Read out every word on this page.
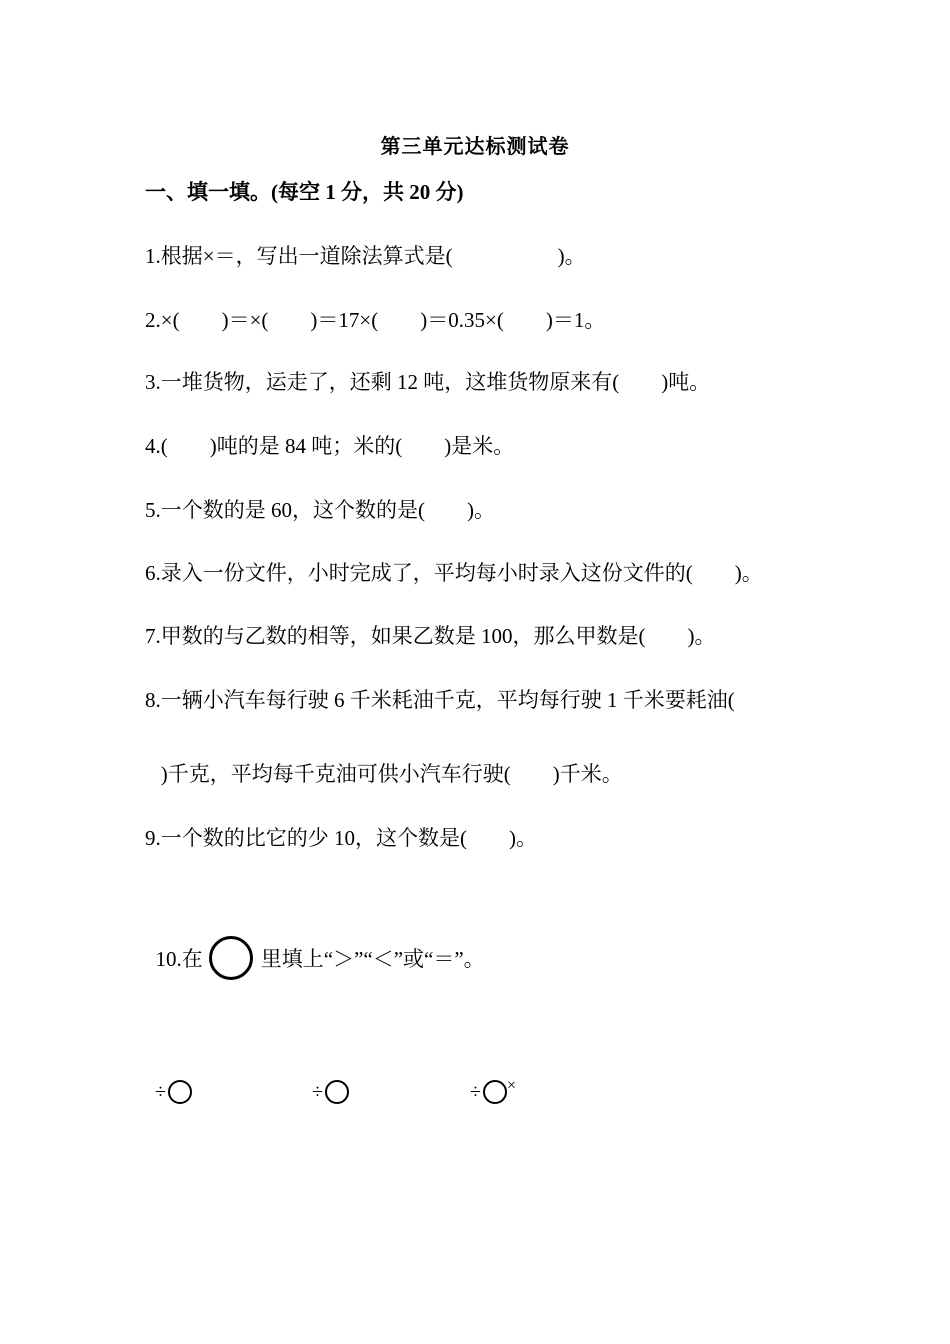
第三单元达标测试卷
一、填一填。(每空 1 分，共 20 分)
1.根据×＝，写出一道除法算式是(                    )。
2.×(        )＝×(        )＝17×(        )＝0.35×(        )＝1。
3.一堆货物，运走了，还剩 12 吨，这堆货物原来有(        )吨。
4.(        )吨的是 84 吨；米的(        )是米。
5.一个数的是 60，这个数的是(        )。
6.录入一份文件，小时完成了，平均每小时录入这份文件的(        )。
7.甲数的与乙数的相等，如果乙数是 100，那么甲数是(        )。
8.一辆小汽车每行驶 6 千米耗油千克，平均每行驶 1 千米要耗油(
)千克，平均每千克油可供小汽车行驶(        )千米。
9.一个数的比它的少 10，这个数是(        )。

10.在	里填上“＞”“＜”或“＝”。

÷	÷	÷ ×
